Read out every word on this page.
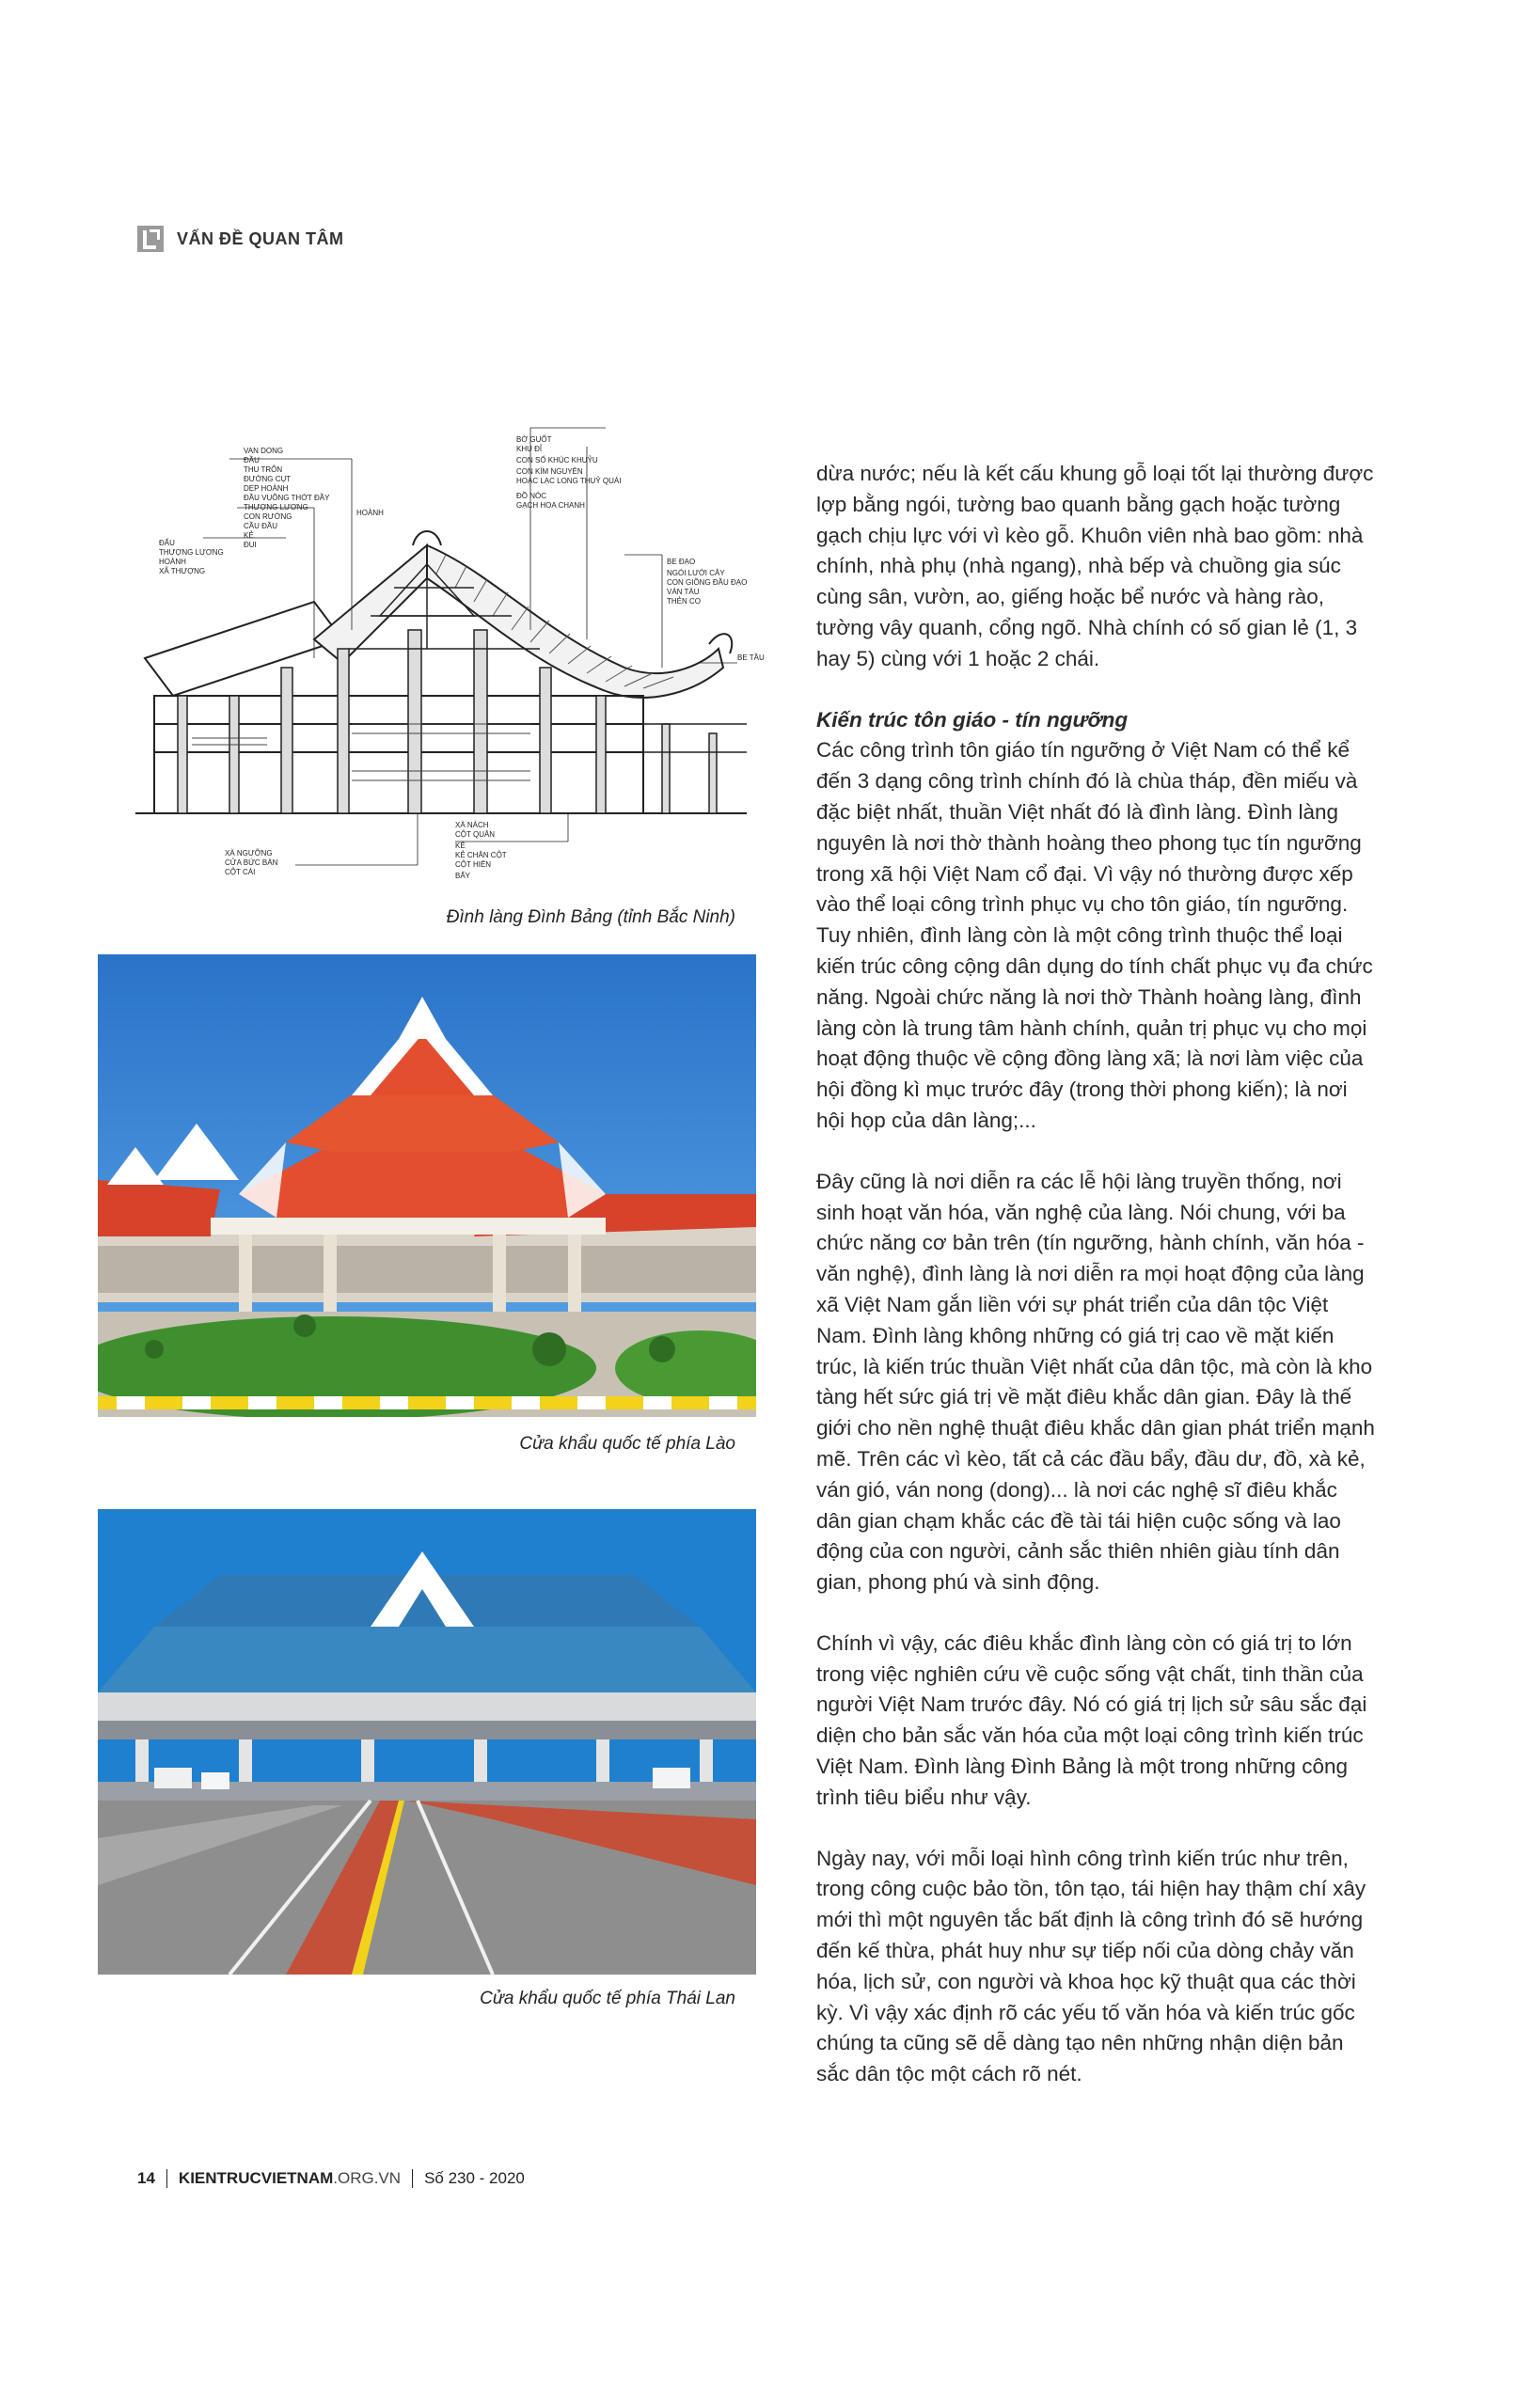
VẤN ĐỀ QUAN TÂM
VAN DONG
ĐẦU
THU TRÔN
ĐƯỜNG CỤT
DẸP HOÀNH
ĐẦU VUÔNG THỚT ĐẦY
THƯỢNG LƯƠNG
CON RƯỜNG
CẦU ĐẦU
KẺ
ĐUI
ĐẤU
THƯỢNG LƯƠNG
HOÀNH
XÃ THƯỢNG
HOÀNH
BỜ GUỐT
KHU ĐỈ
CON SỐ KHÚC KHUỶU
CON KÌM NGUYÊN
HOẠC LẠC LONG THUỶ QUÁI
ĐỒ NÓC
GẠCH HOA CHANH
BE ĐẠO
NGÓI LƯỚI CÂY
CON GIỒNG ĐẦU ĐẠO
VÁN TÀU
THẺN CO
BE TẦU
XÀ NGƯỠNG
CỬA BỨC BÀN
CỘT CÁI
XÀ NÁCH
CỘT QUÂN
KẺ
KẺ CHÂN CỘT
CỘT HIÊN
BẨY
Đình làng Đình Bảng (tỉnh Bắc Ninh)
Cửa khẩu quốc tế phía Lào
Cửa khẩu quốc tế phía Thái Lan

dừa nước; nếu là kết cấu khung gỗ loại tốt lại thường được lợp bằng ngói, tường bao quanh bằng gạch hoặc tường gạch chịu lực với vì kèo gỗ. Khuôn viên nhà bao gồm: nhà chính, nhà phụ (nhà ngang), nhà bếp và chuồng gia súc cùng sân, vườn, ao, giếng hoặc bể nước và hàng rào, tường vây quanh, cổng ngõ. Nhà chính có số gian lẻ (1, 3 hay 5) cùng với 1 hoặc 2 chái.

Kiến trúc tôn giáo - tín ngưỡng

Các công trình tôn giáo tín ngưỡng ở Việt Nam có thể kể đến 3 dạng công trình chính đó là chùa tháp, đền miếu và đặc biệt nhất, thuần Việt nhất đó là đình làng. Đình làng nguyên là nơi thờ thành hoàng theo phong tục tín ngưỡng trong xã hội Việt Nam cổ đại. Vì vậy nó thường được xếp vào thể loại công trình phục vụ cho tôn giáo, tín ngưỡng. Tuy nhiên, đình làng còn là một công trình thuộc thể loại kiến trúc công cộng dân dụng do tính chất phục vụ đa chức năng. Ngoài chức năng là nơi thờ Thành hoàng làng, đình làng còn là trung tâm hành chính, quản trị phục vụ cho mọi hoạt động thuộc về cộng đồng làng xã; là nơi làm việc của hội đồng kì mục trước đây (trong thời phong kiến); là nơi hội họp của dân làng;...

Đây cũng là nơi diễn ra các lễ hội làng truyền thống, nơi sinh hoạt văn hóa, văn nghệ của làng. Nói chung, với ba chức năng cơ bản trên (tín ngưỡng, hành chính, văn hóa - văn nghệ), đình làng là nơi diễn ra mọi hoạt động của làng xã Việt Nam gắn liền với sự phát triển của dân tộc Việt Nam. Đình làng không những có giá trị cao về mặt kiến trúc, là kiến trúc thuần Việt nhất của dân tộc, mà còn là kho tàng hết sức giá trị về mặt điêu khắc dân gian. Đây là thế giới cho nền nghệ thuật điêu khắc dân gian phát triển mạnh mẽ. Trên các vì kèo, tất cả các đầu bẩy, đầu dư, đồ, xà kẻ, ván gió, ván nong (dong)... là nơi các nghệ sĩ điêu khắc dân gian chạm khắc các đề tài tái hiện cuộc sống và lao động của con người, cảnh sắc thiên nhiên giàu tính dân gian, phong phú và sinh động.

Chính vì vậy, các điêu khắc đình làng còn có giá trị to lớn trong việc nghiên cứu về cuộc sống vật chất, tinh thần của người Việt Nam trước đây. Nó có giá trị lịch sử sâu sắc đại diện cho bản sắc văn hóa của một loại công trình kiến trúc Việt Nam. Đình làng Đình Bảng là một trong những công trình tiêu biểu như vậy.

Ngày nay, với mỗi loại hình công trình kiến trúc như trên, trong công cuộc bảo tồn, tôn tạo, tái hiện hay thậm chí xây mới thì một nguyên tắc bất định là công trình đó sẽ hướng đến kế thừa, phát huy như sự tiếp nối của dòng chảy văn hóa, lịch sử, con người và khoa học kỹ thuật qua các thời kỳ. Vì vậy xác định rõ các yếu tố văn hóa và kiến trúc gốc chúng ta cũng sẽ dễ dàng tạo nên những nhận diện bản sắc dân tộc một cách rõ nét.

14	KIENTRUCVIETNAM.ORG.VN	Số 230 - 2020
